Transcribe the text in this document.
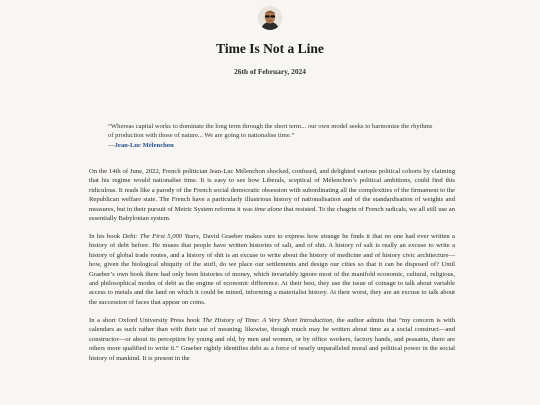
Time Is Not a Line
26th of February, 2024

“Whereas capital works to dominate the long term through the short term... our own model seeks to harmonise the rhythms of production with those of nature... We are going to nationalise time.”

—Jean-Luc Mélenchon

On the 14th of June, 2022, French politician Jean-Luc Mélenchon shocked, confused, and delighted various political cohorts by claiming that his regime would nationalise time. It is easy to see how Liberals, sceptical of Mélenchon’s political ambitions, could find this ridiculous. It reads like a parody of the French social democratic obsession with subordinating all the complexities of the firmament to the Republican welfare state. The French have a particularly illustrious history of nationalisation and of the standardisation of weights and measures, but in their pursuit of Metric System reforms it was time alone that resisted. To the chagrin of French radicals, we all still use an essentially Babylonian system.

In his book Debt: The First 5,000 Years, David Graeber makes sure to express how strange he finds it that no one had ever written a history of debt before. He muses that people have written histories of salt, and of shit. A history of salt is really an excuse to write a history of global trade routes, and a history of shit is an excuse to write about the history of medicine and of history civic architecture—how, given the biological ubiquity of the stuff, do we place our settlements and design our cities so that it can be disposed of? Until Graeber’s own book there had only been histories of money, which invariably ignore most of the manifold economic, cultural, religious, and philosophical modes of debt as the engine of economic difference. At their best, they use the issue of coinage to talk about variable access to metals and the land on which it could be mined, informing a materialist history. At their worst, they are an excuse to talk about the succession of faces that appear on coins.

In a short Oxford University Press book The History of Time: A Very Short Introduction, the author admits that “my concern is with calendars as such rather than with their use of meaning; likewise, though much may be written about time as a social construct—and constructor—or about its perception by young and old, by men and women, or by office workers, factory hands, and peasants, there are others more qualified to write it.” Graeber rightly identifies debt as a force of nearly unparalleled moral and political power in the social history of mankind. It is present in the
